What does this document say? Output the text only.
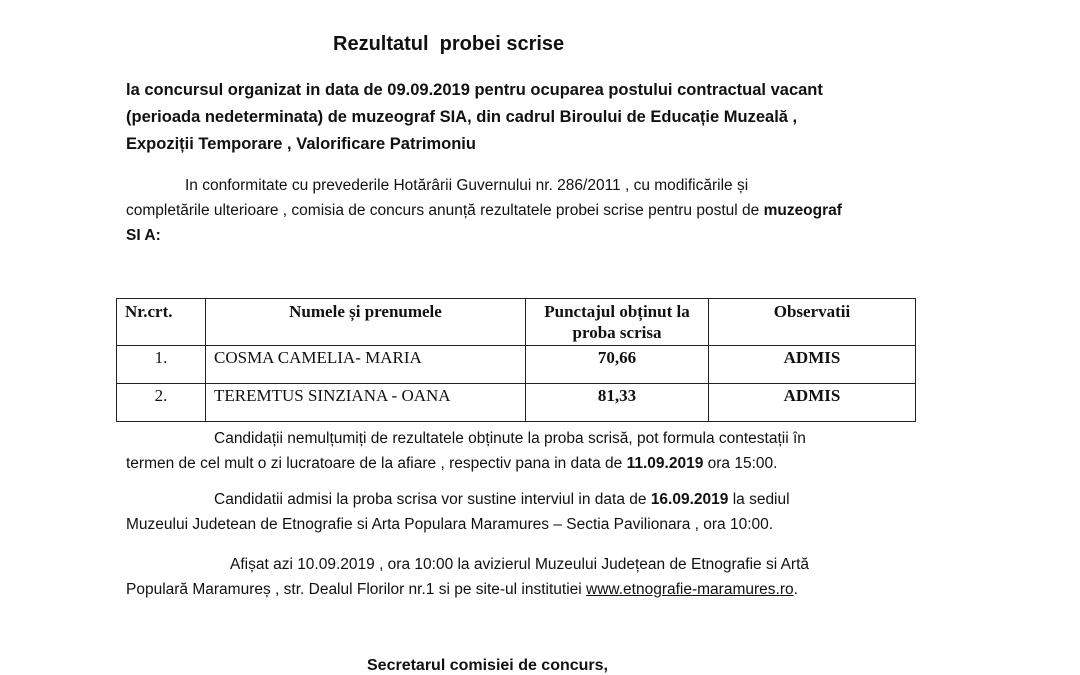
Rezultatul  probei scrise
la concursul organizat in data de 09.09.2019 pentru ocuparea postului contractual vacant
(perioada nedeterminata) de muzeograf SIA, din cadrul Biroului de Educație Muzeală ,
Expoziții Temporare , Valorificare Patrimoniu
In conformitate cu prevederile Hotărârii Guvernului nr. 286/2011 , cu modificările și
completările ulterioare , comisia de concurs anunță rezultatele probei scrise pentru postul de muzeograf
SI A:
Nr.crt.	Numele și prenumele	Punctajul obținut la proba scrisa	Observatii
1.	COSMA CAMELIA- MARIA	70,66	ADMIS
2.	TEREMTUS SINZIANA - OANA	81,33	ADMIS
Candidații nemulțumiți de rezultatele obținute la proba scrisă, pot formula contestații în
termen de cel mult o zi lucratoare de la afiare , respectiv pana in data de 11.09.2019 ora 15:00.
Candidatii admisi la proba scrisa vor sustine interviul in data de 16.09.2019 la sediul
Muzeului Judetean de Etnografie si Arta Populara Maramures – Sectia Pavilionara , ora 10:00.
Afișat azi 10.09.2019 , ora 10:00 la avizierul Muzeului Județean de Etnografie si Artă
Populară Maramureș , str. Dealul Florilor nr.1 si pe site-ul institutiei www.etnografie-maramures.ro.
Secretarul comisiei de concurs,
